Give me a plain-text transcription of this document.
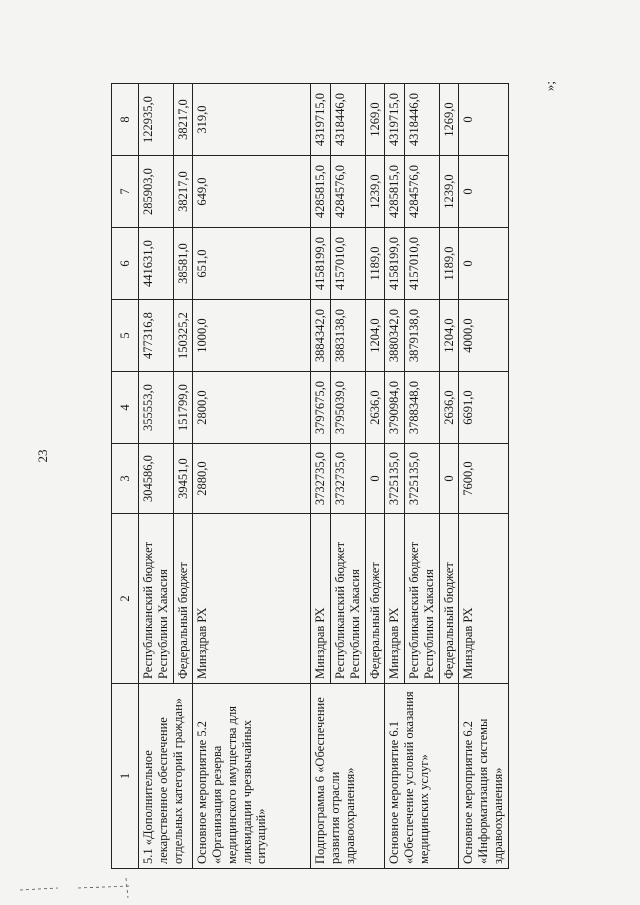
23
1	2	3	4	5	6	7	8
5.1 «Дополнительное лекарственное обеспечение отдельных категорий граждан»	Республиканский бюджет Республики Хакасия	304586,0	355553,0	477316,8	441631,0	285903,0	122935,0
	Федеральный бюджет	39451,0	151799,0	150325,2	38581,0	38217,0	38217,0
Основное мероприятие 5.2 «Организация резерва медицинского имущества для ликвидации чрезвычайных ситуаций»	Минздрав РХ	2880,0	2800,0	1000,0	651,0	649,0	319,0
Подпрограмма 6 «Обеспечение развития отрасли здравоохранения»	Минздрав РХ	3732735,0	3797675,0	3884342,0	4158199,0	4285815,0	4319715,0
	Республиканский бюджет Республики Хакасия	3732735,0	3795039,0	3883138,0	4157010,0	4284576,0	4318446,0
	Федеральный бюджет	0	2636,0	1204,0	1189,0	1239,0	1269,0
Основное мероприятие 6.1 «Обеспечение условий оказания медицинских услуг»	Минздрав РХ	3725135,0	3790984,0	3880342,0	4158199,0	4285815,0	4319715,0
	Республиканский бюджет Республики Хакасия	3725135,0	3788348,0	3879138,0	4157010,0	4284576,0	4318446,0
	Федеральный бюджет	0	2636,0	1204,0	1189,0	1239,0	1269,0
Основное мероприятие 6.2 «Информатизация системы здравоохранения»	Минздрав РХ	7600,0	6691,0	4000,0	0	0	0
»;
